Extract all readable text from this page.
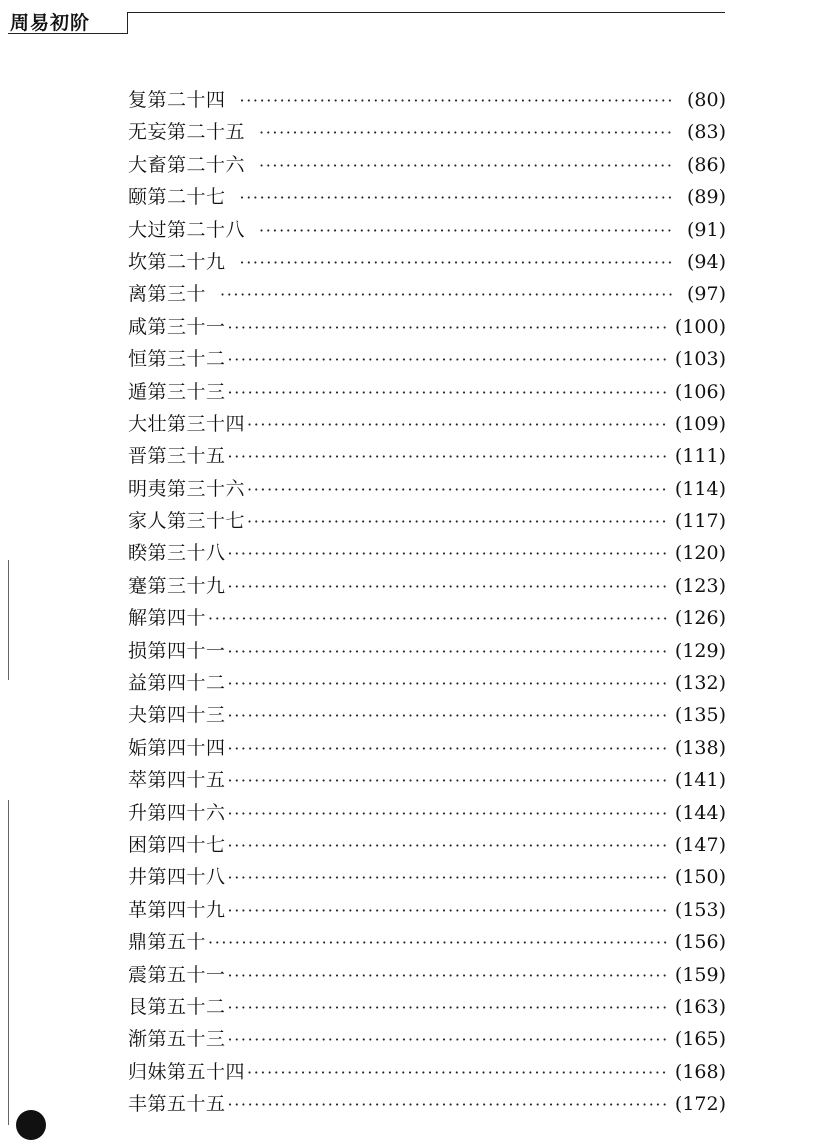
周易初阶
复第二十四 ·····	(80)
无妄第二十五 ·····	(83)
大畜第二十六 ·····	(86)
颐第二十七 ·····	(89)
大过第二十八 ·····	(91)
坎第二十九 ·····	(94)
离第三十 ·····	(97)
咸第三十一 ·····	(100)
恒第三十二 ·····	(103)
遁第三十三 ·····	(106)
大壮第三十四 ·····	(109)
晋第三十五 ·····	(111)
明夷第三十六 ·····	(114)
家人第三十七 ·····	(117)
睽第三十八 ·····	(120)
蹇第三十九 ·····	(123)
解第四十 ·····	(126)
损第四十一 ·····	(129)
益第四十二 ·····	(132)
夬第四十三 ·····	(135)
姤第四十四 ·····	(138)
萃第四十五 ·····	(141)
升第四十六 ·····	(144)
困第四十七 ·····	(147)
井第四十八 ·····	(150)
革第四十九 ·····	(153)
鼎第五十 ·····	(156)
震第五十一 ·····	(159)
艮第五十二 ·····	(163)
渐第五十三 ·····	(165)
归妹第五十四 ·····	(168)
丰第五十五 ·····	(172)
